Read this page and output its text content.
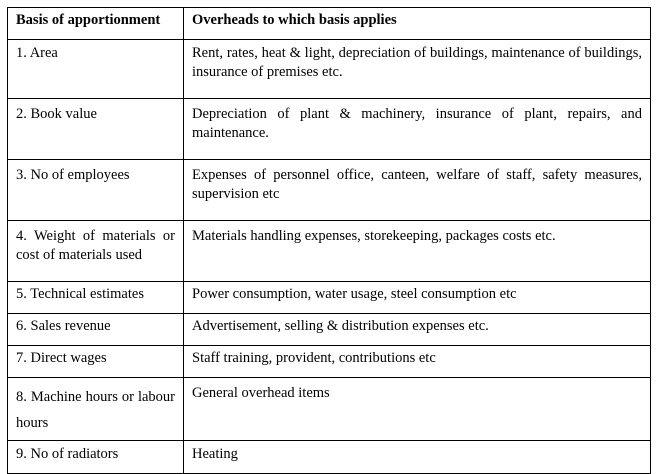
Basis of apportionment	Overheads to which basis applies
1. Area	Rent, rates, heat & light, depreciation of buildings, maintenance of buildings, insurance of premises etc.
2. Book value	Depreciation of plant & machinery, insurance of plant, repairs, and maintenance.
3. No of employees	Expenses of personnel office, canteen, welfare of staff, safety measures, supervision etc
4. Weight of materials or cost of materials used	Materials handling expenses, storekeeping, packages costs etc.
5. Technical estimates	Power consumption, water usage, steel consumption etc
6. Sales revenue	Advertisement, selling & distribution expenses etc.
7. Direct wages	Staff training, provident, contributions etc
8. Machine hours or labour hours	General overhead items
9. No of radiators	Heating
